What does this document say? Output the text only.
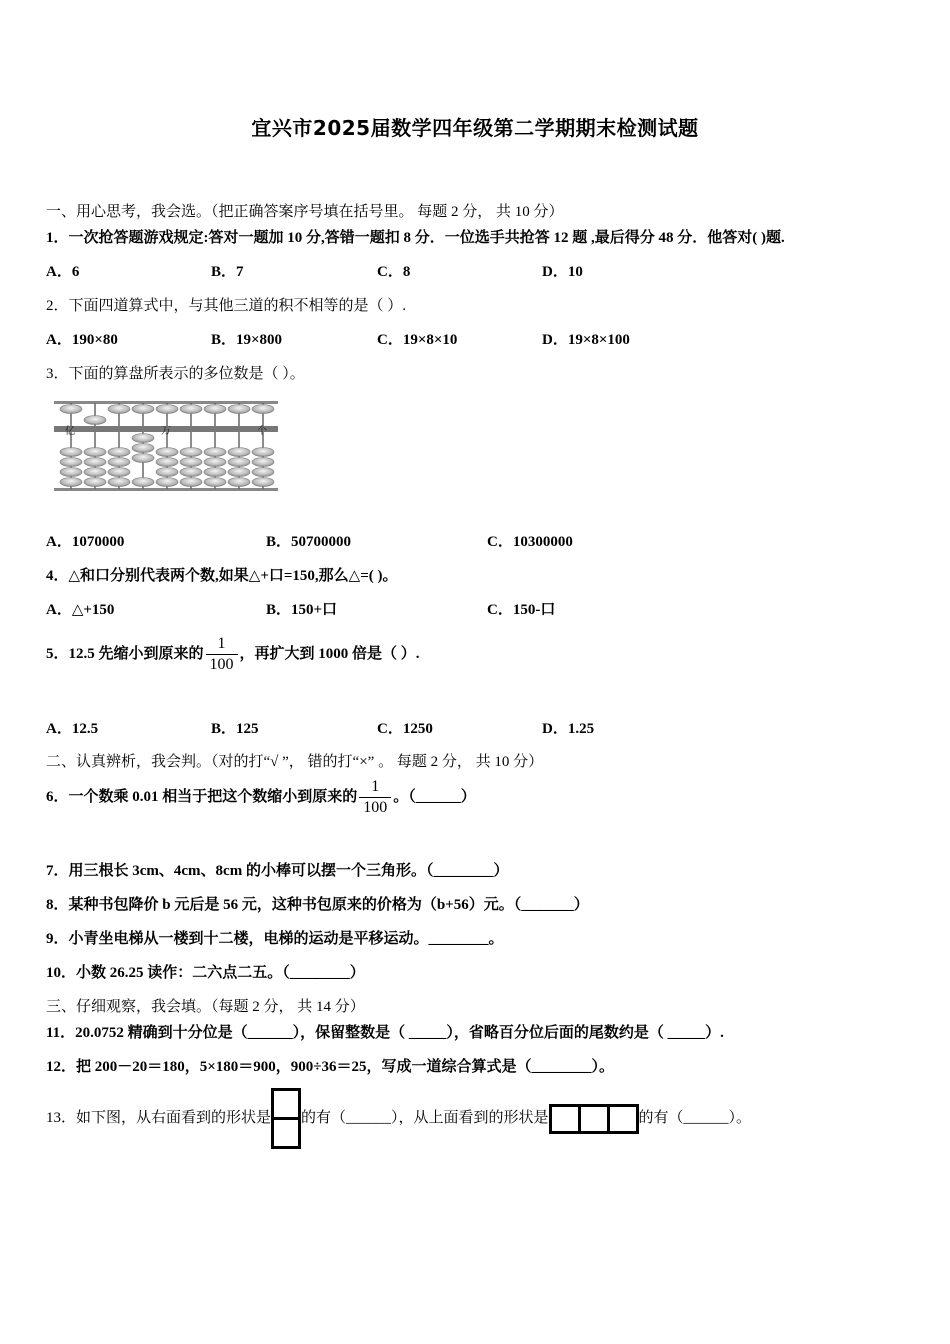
宜兴市2025届数学四年级第二学期期末检测试题
一、用心思考，我会选。（把正确答案序号填在括号里。 每题 2 分， 共 10 分）
1．一次抢答题游戏规定:答对一题加 10 分,答错一题扣 8 分．一位选手共抢答 12 题 ,最后得分 48 分．他答对( )题.
A．6	B．7	C．8	D．10
2．下面四道算式中，与其他三道的积不相等的是（ ）.
A．190×80	B．19×800	C．19×8×10	D．19×8×100
3．下面的算盘所表示的多位数是（ ）。
亿	万	个
A．1070000	B．50700000	C．10300000
4．△和口分别代表两个数,如果△+口=150,那么△=( )。
A．△+150	B．150+口	C．150-口
5．12.5 先缩小到原来的 $\frac{1}{100}$ ，再扩大到 1000 倍是（ ）.
A．12.5	B．125	C．1250	D．1.25
二、认真辨析，我会判。（对的打“√ ”， 错的打“×” 。 每题 2 分， 共 10 分）
6．一个数乘 0.01 相当于把这个数缩小到原来的 $\frac{1}{100}$ 。（______）
7．用三根长 3cm、4cm、8cm 的小棒可以摆一个三角形。（________）
8．某种书包降价 b 元后是 56 元，这种书包原来的价格为（b+56）元。（_______）
9．小青坐电梯从一楼到十二楼，电梯的运动是平移运动。________。
10．小数 26.25 读作：二六点二五。（________）
三、仔细观察，我会填。（每题 2 分， 共 14 分）
11．20.0752 精确到十分位是（______），保留整数是（ _____），省略百分位后面的尾数约是（ _____）.
12．把 200－20＝180，5×180＝900，900÷36＝25，写成一道综合算式是（________）。
13．如下图，从右面看到的形状是 的有（______），从上面看到的形状是	的有（______）。
